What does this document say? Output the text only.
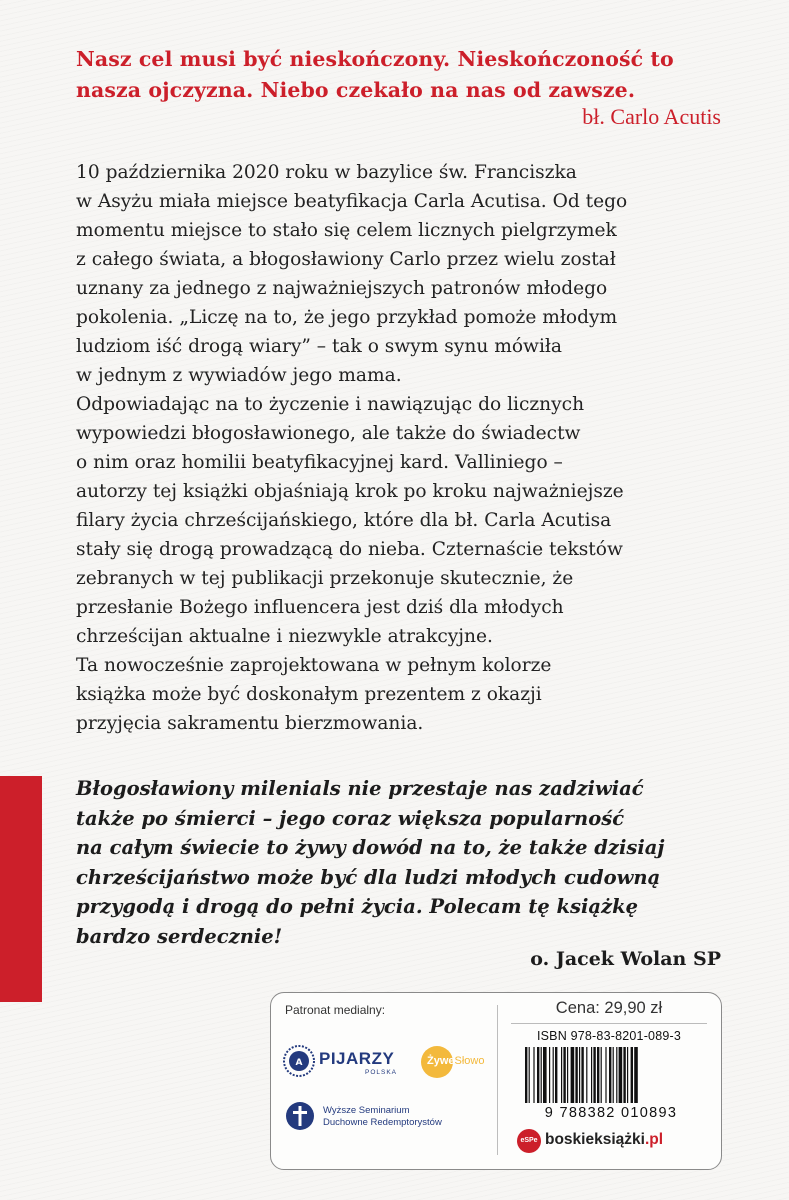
Nasz cel musi być nieskończony. Nieskończoność to nasza ojczyzna. Niebo czekało na nas od zawsze.
bł. Carlo Acutis
10 października 2020 roku w bazylice św. Franciszka
w Asyżu miała miejsce beatyfikacja Carla Acutisa. Od tego
momentu miejsce to stało się celem licznych pielgrzymek
z całego świata, a błogosławiony Carlo przez wielu został
uznany za jednego z najważniejszych patronów młodego
pokolenia. „Liczę na to, że jego przykład pomoże młodym
ludziom iść drogą wiary” – tak o swym synu mówiła
w jednym z wywiadów jego mama.
Odpowiadając na to życzenie i nawiązując do licznych
wypowiedzi błogosławionego, ale także do świadectw
o nim oraz homilii beatyfikacyjnej kard. Valliniego –
autorzy tej książki objaśniają krok po kroku najważniejsze
filary życia chrześcijańskiego, które dla bł. Carla Acutisa
stały się drogą prowadzącą do nieba. Czternaście tekstów
zebranych w tej publikacji przekonuje skutecznie, że
przesłanie Bożego influencera jest dziś dla młodych
chrześcijan aktualne i niezwykle atrakcyjne.
Ta nowocześnie zaprojektowana w pełnym kolorze
książka może być doskonałym prezentem z okazji
przyjęcia sakramentu bierzmowania.
Błogosławiony milenials nie przestaje nas zadziwiać
także po śmierci – jego coraz większa popularność
na całym świecie to żywy dowód na to, że także dzisiaj
chrześcijaństwo może być dla ludzi młodych cudowną
przygodą i drogą do pełni życia. Polecam tę książkę
bardzo serdecznie!
o. Jacek Wolan SP
Patronat medialny:
A PIJARZY
POLSKA
ŻyweSłowo
Wyższe Seminarium
Duchowne Redemptorystów
Cena: 29,90 zł
ISBN 978-83-8201-089-3
9 788382 010893
eSPe boskieksiążki.pl
